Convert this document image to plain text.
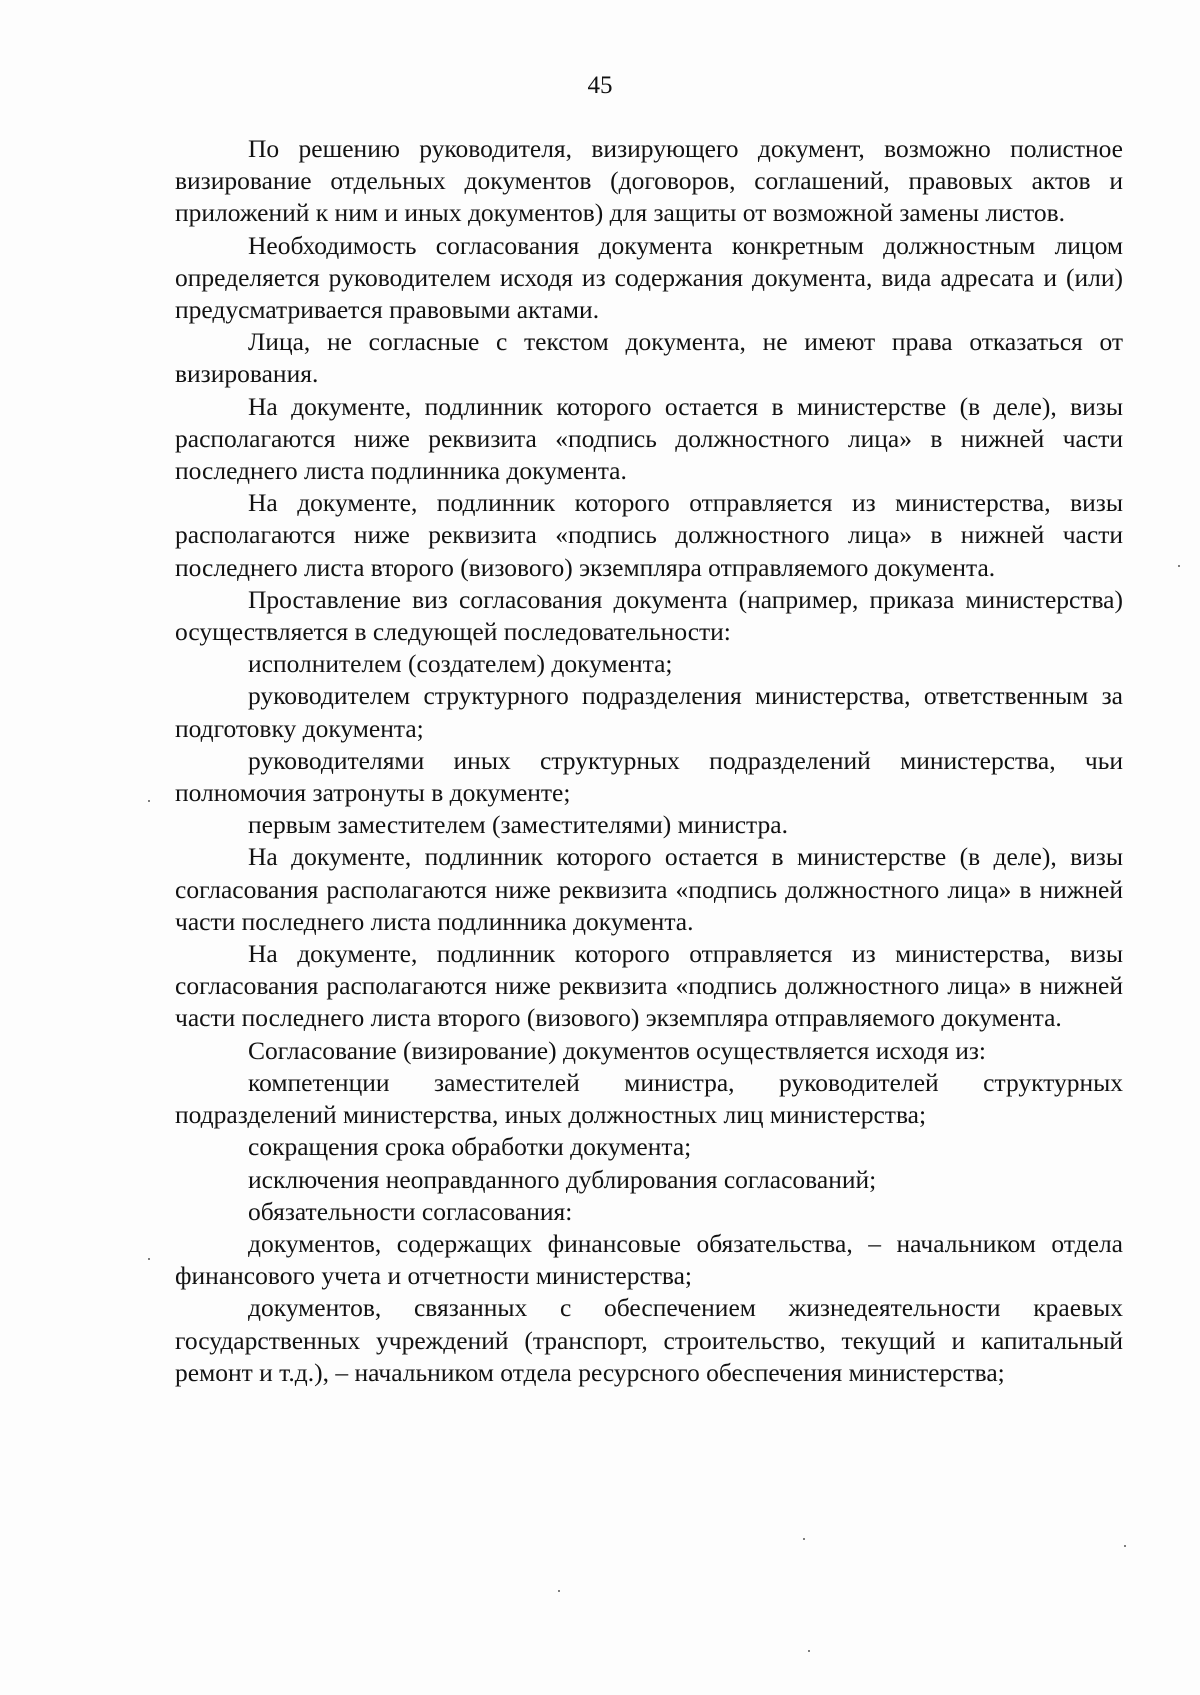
45

По решению руководителя, визирующего документ, возможно полистное визирование отдельных документов (договоров, соглашений, правовых актов и приложений к ним и иных документов) для защиты от возможной замены листов.

Необходимость согласования документа конкретным должностным лицом определяется руководителем исходя из содержания документа, вида адресата и (или) предусматривается правовыми актами.

Лица, не согласные с текстом документа, не имеют права отказаться от визирования.

На документе, подлинник которого остается в министерстве (в деле), визы располагаются ниже реквизита «подпись должностного лица» в нижней части последнего листа подлинника документа.

На документе, подлинник которого отправляется из министерства, визы располагаются ниже реквизита «подпись должностного лица» в нижней части последнего листа второго (визового) экземпляра отправляемого документа.

Проставление виз согласования документа (например, приказа министерства) осуществляется в следующей последовательности:

исполнителем (создателем) документа;

руководителем структурного подразделения министерства, ответственным за подготовку документа;

руководителями иных структурных подразделений министерства, чьи полномочия затронуты в документе;

первым заместителем (заместителями) министра.

На документе, подлинник которого остается в министерстве (в деле), визы согласования располагаются ниже реквизита «подпись должностного лица» в нижней части последнего листа подлинника документа.

На документе, подлинник которого отправляется из министерства, визы согласования располагаются ниже реквизита «подпись должностного лица» в нижней части последнего листа второго (визового) экземпляра отправляемого документа.

Согласование (визирование) документов осуществляется исходя из:

компетенции заместителей министра, руководителей структурных подразделений министерства, иных должностных лиц министерства;

сокращения срока обработки документа;

исключения неоправданного дублирования согласований;

обязательности согласования:

документов, содержащих финансовые обязательства, – начальником отдела финансового учета и отчетности министерства;

документов, связанных с обеспечением жизнедеятельности краевых государственных учреждений (транспорт, строительство, текущий и капитальный ремонт и т.д.), – начальником отдела ресурсного обеспечения министерства;
